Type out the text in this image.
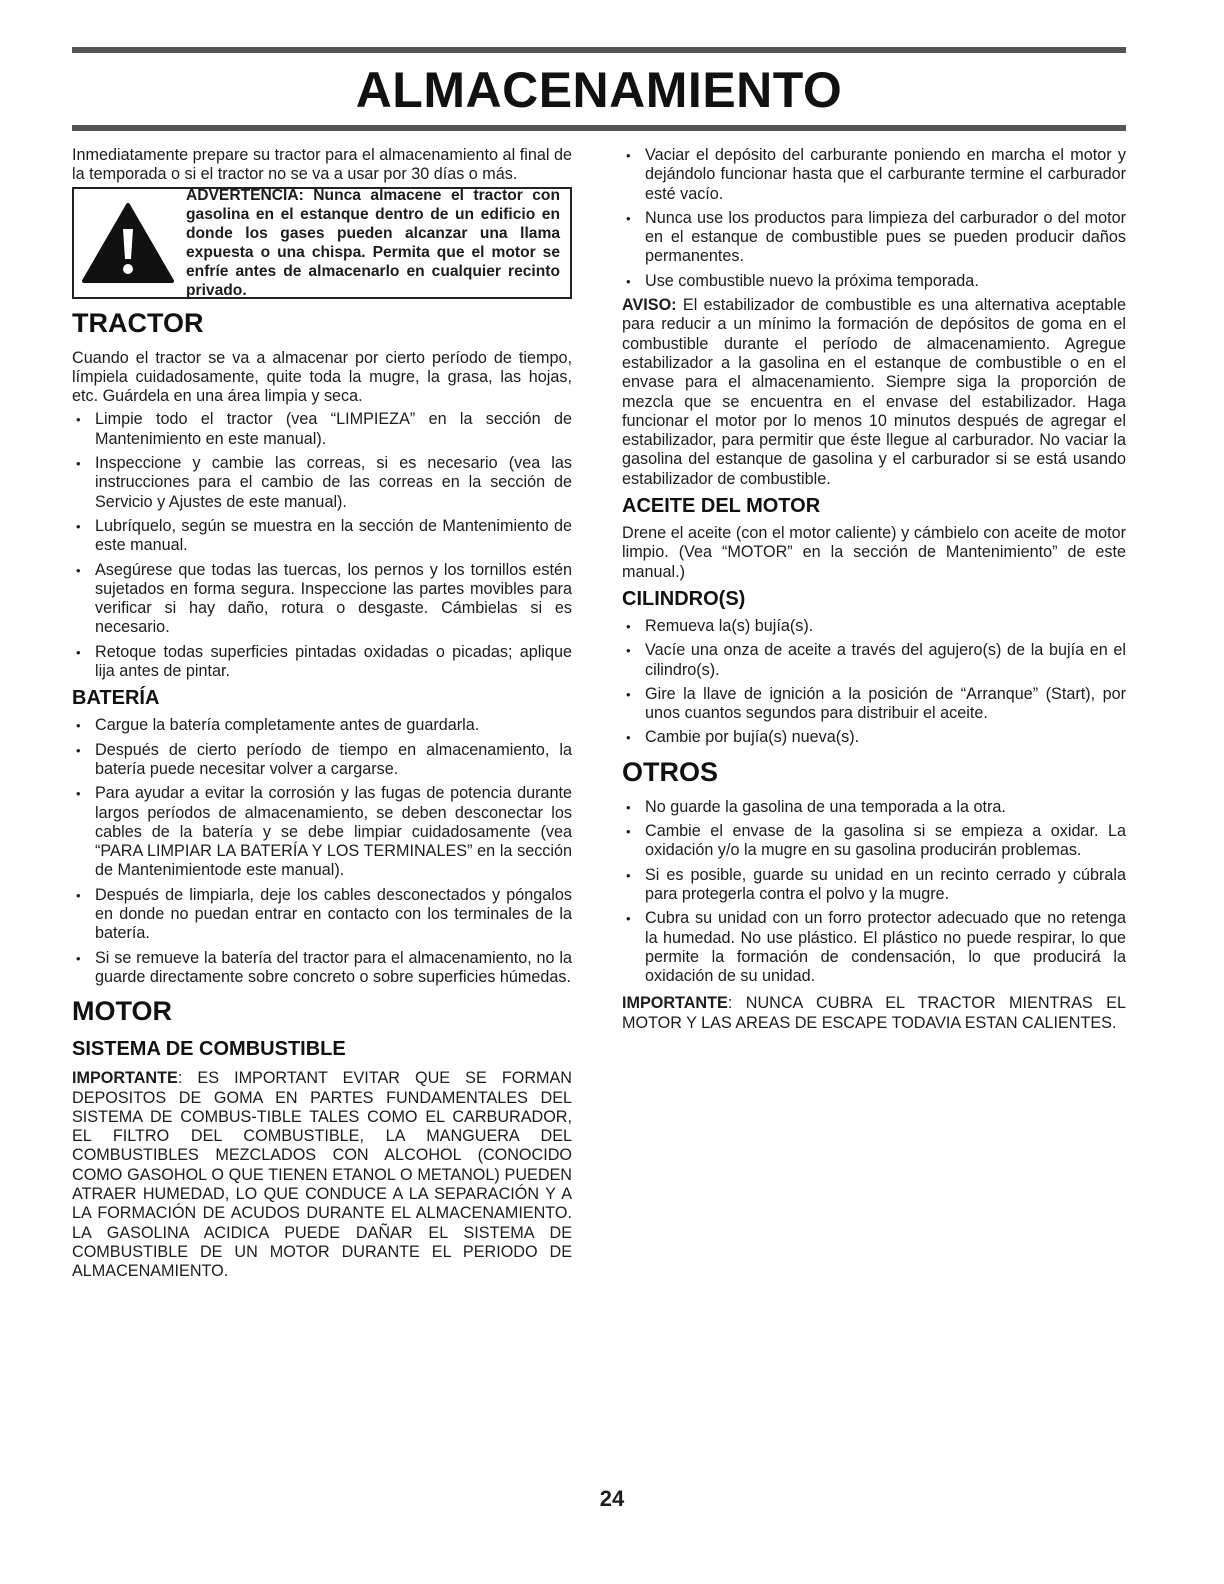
ALMACENAMIENTO

Inmediatamente prepare su tractor para el almacenamiento al final de la temporada o si el tractor no se va a usar por 30 días o más.

ADVERTENCIA: Nunca almacene el tractor con gasolina en el estanque dentro de un edificio en donde los gases pueden alcanzar una llama expuesta o una chispa. Permita que el motor se enfríe antes de almacenarlo en cualquier recinto privado.
TRACTOR

Cuando el tractor se va a almacenar por cierto período de tiempo, límpiela cuidadosamente, quite toda la mugre, la grasa, las hojas, etc. Guárdela en una área limpia y seca.

• Limpie todo el tractor (vea “LIMPIEZA” en la sección de Mantenimiento en este manual).
• Inspeccione y cambie las correas, si es necesario (vea las instrucciones para el cambio de las correas en la sección de Servicio y Ajustes de este manual).
• Lubríquelo, según se muestra en la sección de Mantenimiento de este manual.
• Asegúrese que todas las tuercas, los pernos y los tornillos estén sujetados en forma segura. Inspeccione las partes movibles para verificar si hay daño, rotura o desgaste. Cámbielas si es necesario.
• Retoque todas superficies pintadas oxidadas o picadas; aplique lija antes de pintar.
BATERÍA
• Cargue la batería completamente antes de guardarla.
• Después de cierto período de tiempo en almacenamiento, la batería puede necesitar volver a cargarse.
• Para ayudar a evitar la corrosión y las fugas de potencia durante largos períodos de almacenamiento, se deben desconectar los cables de la batería y se debe limpiar cuidadosamente (vea “PARA LIMPIAR LA BATERÍA Y LOS TERMINALES” en la sección de Mantenimientode este manual).
• Después de limpiarla, deje los cables desconectados y póngalos en donde no puedan entrar en contacto con los terminales de la batería.
• Si se remueve la batería del tractor para el almacenamiento, no la guarde directamente sobre concreto o sobre superficies húmedas.
MOTOR
SISTEMA DE COMBUSTIBLE

IMPORTANTE: ES IMPORTANT EVITAR QUE SE FORMAN DEPOSITOS DE GOMA EN PARTES FUNDAMENTALES DEL SISTEMA DE COMBUS-TIBLE TALES COMO EL CARBURADOR, EL FILTRO DEL COMBUSTIBLE, LA MANGUERA DEL COMBUSTIBLES MEZCLADOS CON ALCOHOL (CONOCIDO COMO GASOHOL O QUE TIENEN ETANOL O METANOL) PUEDEN ATRAER HUMEDAD, LO QUE CONDUCE A LA SEPARACIÓN Y A LA FORMACIÓN DE ACUDOS DURANTE EL ALMACENAMIENTO. LA GASOLINA ACIDICA PUEDE DAÑAR EL SISTEMA DE COMBUSTIBLE DE UN MOTOR DURANTE EL PERIODO DE ALMACENAMIENTO.

• Vaciar el depósito del carburante poniendo en marcha el motor y dejándolo funcionar hasta que el carburante termine el carburador esté vacío.
• Nunca use los productos para limpieza del carburador o del motor en el estanque de combustible pues se pueden producir daños permanentes.
• Use combustible nuevo la próxima temporada.

AVISO: El estabilizador de combustible es una alternativa aceptable para reducir a un mínimo la formación de depósitos de goma en el combustible durante el período de almacenamiento. Agregue estabilizador a la gasolina en el estanque de combustible o en el envase para el almacenamiento. Siempre siga la proporción de mezcla que se encuentra en el envase del estabilizador. Haga funcionar el motor por lo menos 10 minutos después de agregar el estabilizador, para permitir que éste llegue al carburador. No vaciar la gasolina del estanque de gasolina y el carburador si se está usando estabilizador de combustible.

ACEITE DEL MOTOR

Drene el aceite (con el motor caliente) y cámbielo con aceite de motor limpio. (Vea “MOTOR” en la sección de Mantenimiento” de este manual.)

CILINDRO(S)
• Remueva la(s) bujía(s).
• Vacíe una onza de aceite a través del agujero(s) de la bujía en el cilindro(s).
• Gire la llave de ignición a la posición de “Arranque” (Start), por unos cuantos segundos para distribuir el aceite.
• Cambie por bujía(s) nueva(s).
OTROS
• No guarde la gasolina de una temporada a la otra.
• Cambie el envase de la gasolina si se empieza a oxidar. La oxidación y/o la mugre en su gasolina producirán problemas.
• Si es posible, guarde su unidad en un recinto cerrado y cúbrala para protegerla contra el polvo y la mugre.
• Cubra su unidad con un forro protector adecuado que no retenga la humedad. No use plástico. El plástico no puede respirar, lo que permite la formación de condensación, lo que producirá la oxidación de su unidad.

IMPORTANTE: NUNCA CUBRA EL TRACTOR MIENTRAS EL MOTOR Y LAS AREAS DE ESCAPE TODAVIA ESTAN CALIENTES.

24
